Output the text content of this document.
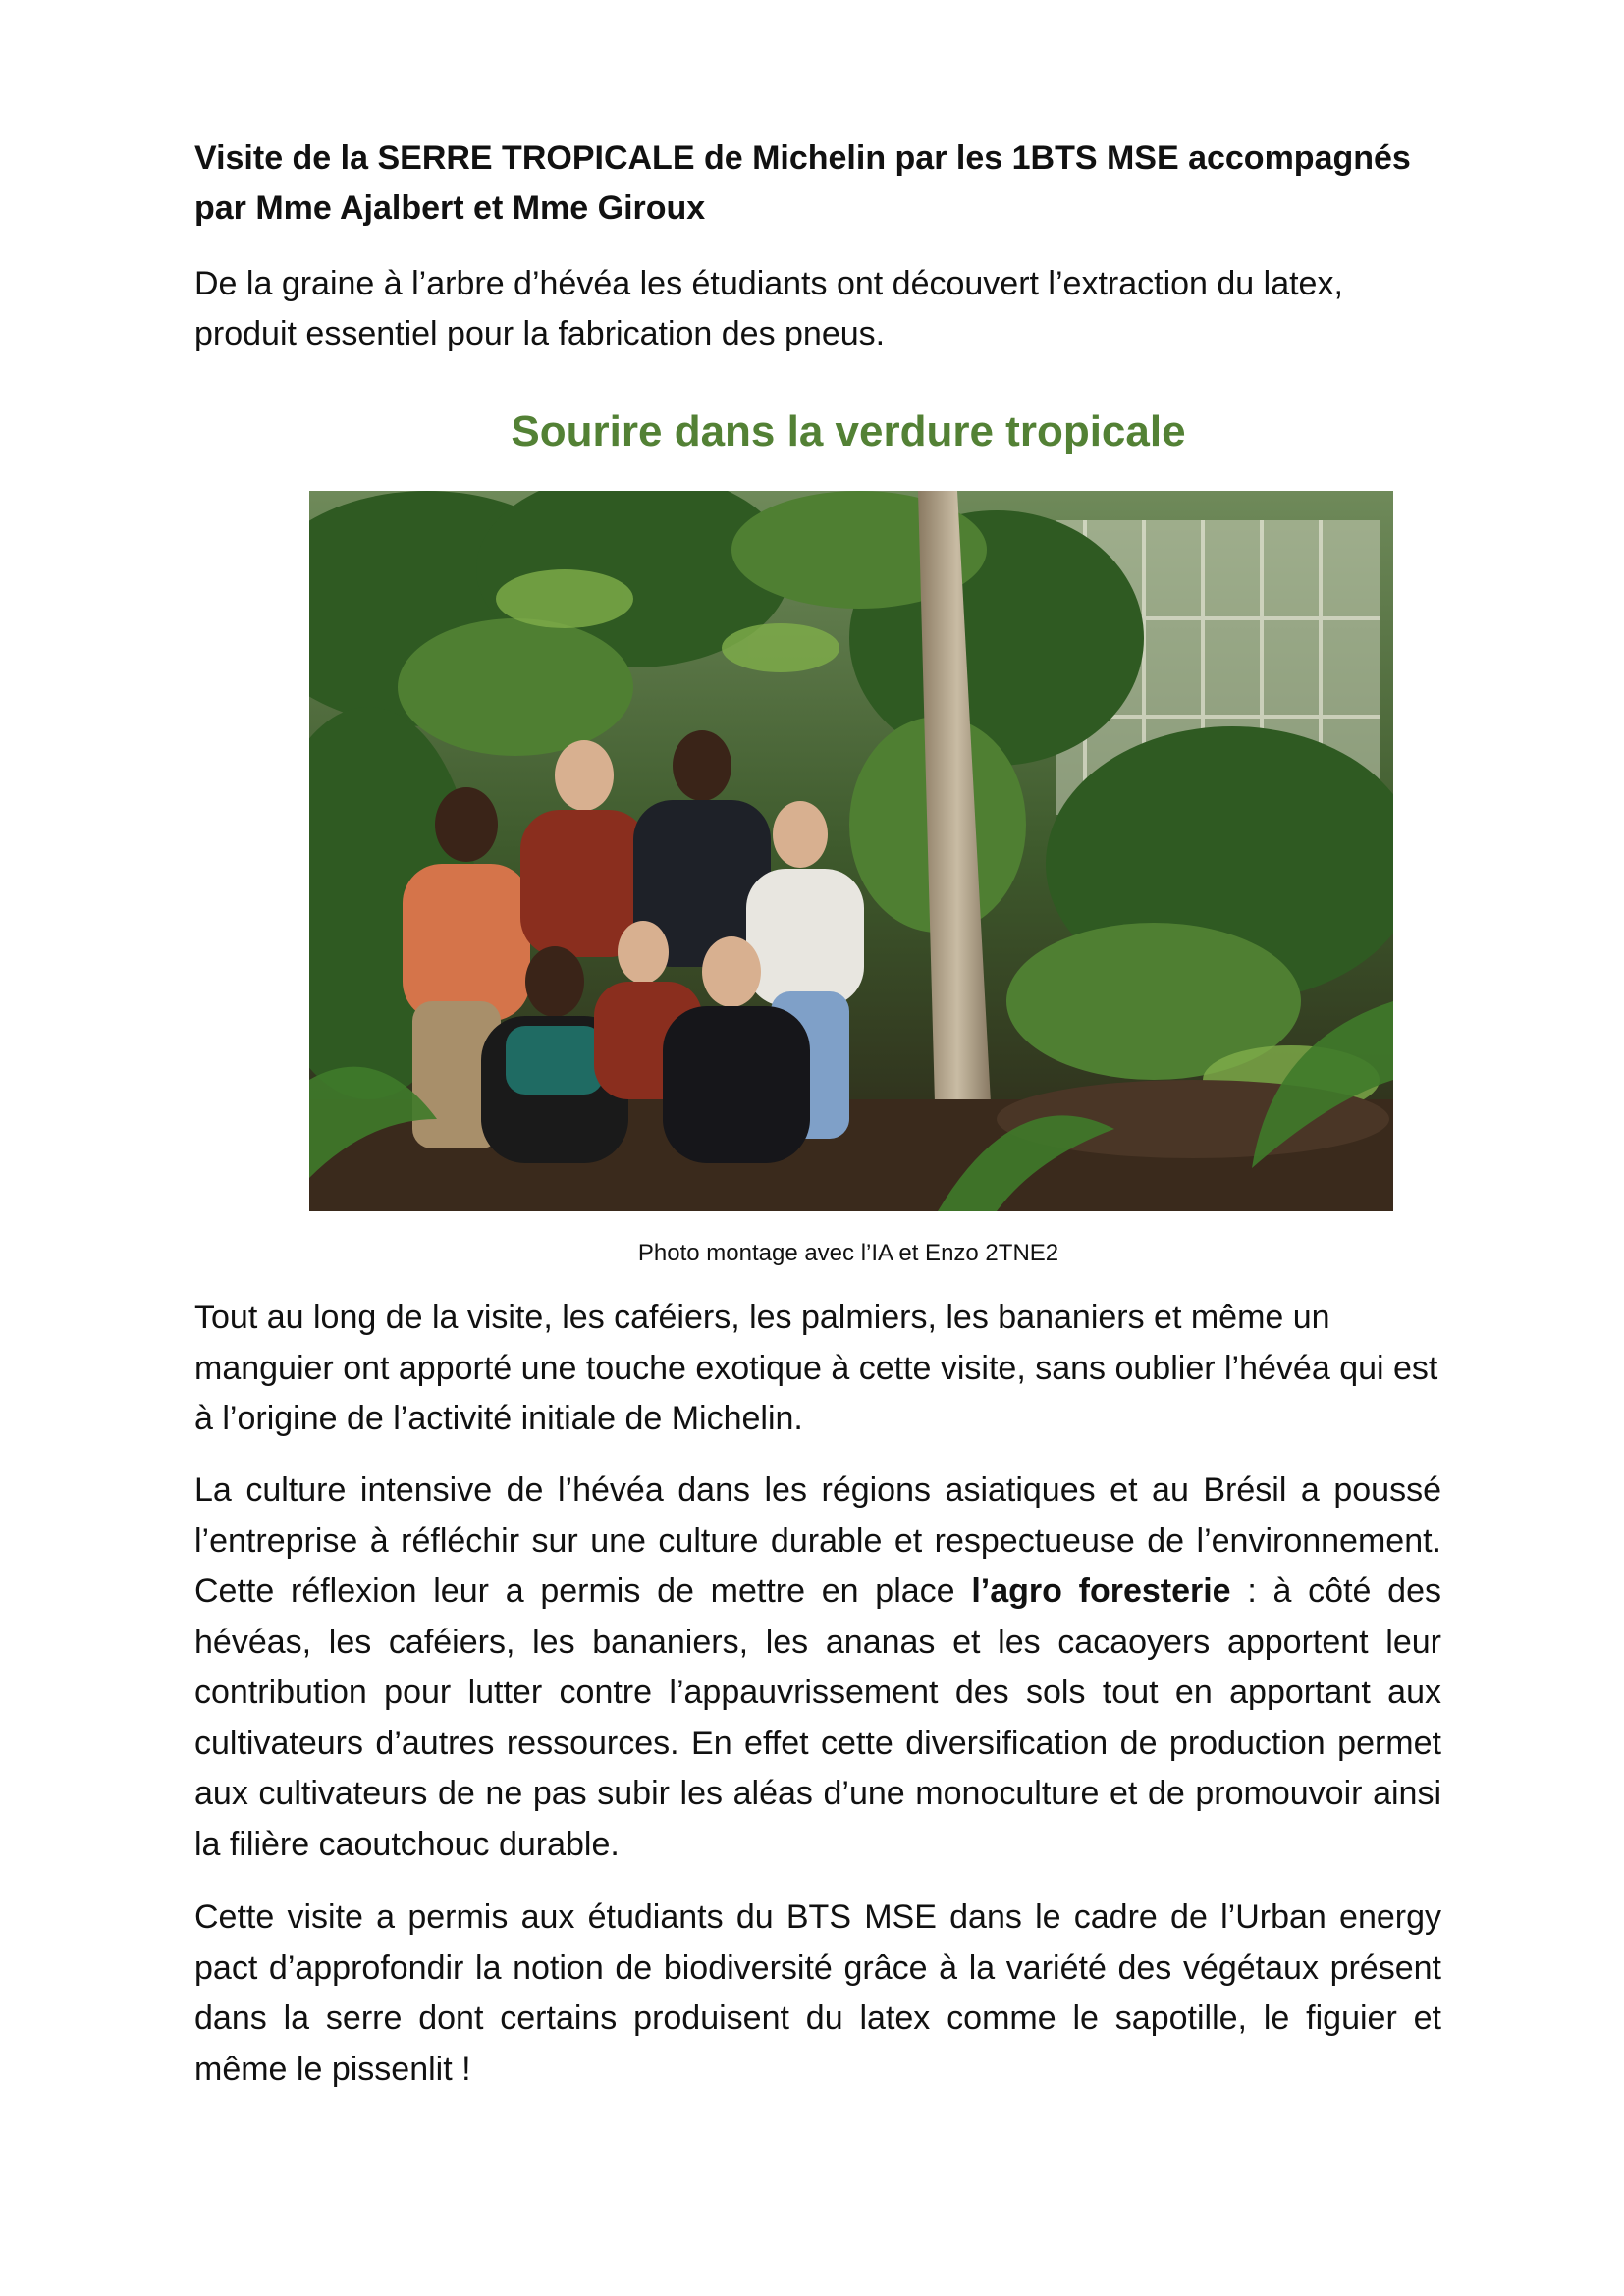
Visite de la SERRE TROPICALE de Michelin par les 1BTS MSE accompagnés par Mme Ajalbert et Mme Giroux

De la graine à l’arbre d’hévéa les étudiants ont découvert l’extraction du latex, produit essentiel pour la fabrication des pneus.

Sourire dans la verdure tropicale

Photo montage avec l’IA et Enzo 2TNE2

Tout au long de la visite, les caféiers, les palmiers, les bananiers et même un manguier ont apporté une touche exotique à cette visite, sans oublier l’hévéa qui est à l’origine de l’activité initiale de Michelin.

La culture intensive de l’hévéa dans les régions asiatiques et au Brésil a poussé l’entreprise à réfléchir sur une culture durable et respectueuse de l’environnement. Cette réflexion leur a permis de mettre en place l’agro foresterie : à côté des hévéas, les caféiers, les bananiers, les ananas et les cacaoyers apportent leur contribution pour lutter contre l’appauvrissement des sols tout en apportant aux cultivateurs d’autres ressources. En effet cette diversification de production permet aux cultivateurs de ne pas subir les aléas d’une monoculture et de promouvoir ainsi la filière caoutchouc durable.

Cette visite a permis aux étudiants du BTS MSE dans le cadre de l’Urban energy pact d’approfondir la notion de biodiversité grâce à la variété des végétaux présent dans la serre dont certains produisent du latex comme le sapotille, le figuier et même le pissenlit !
